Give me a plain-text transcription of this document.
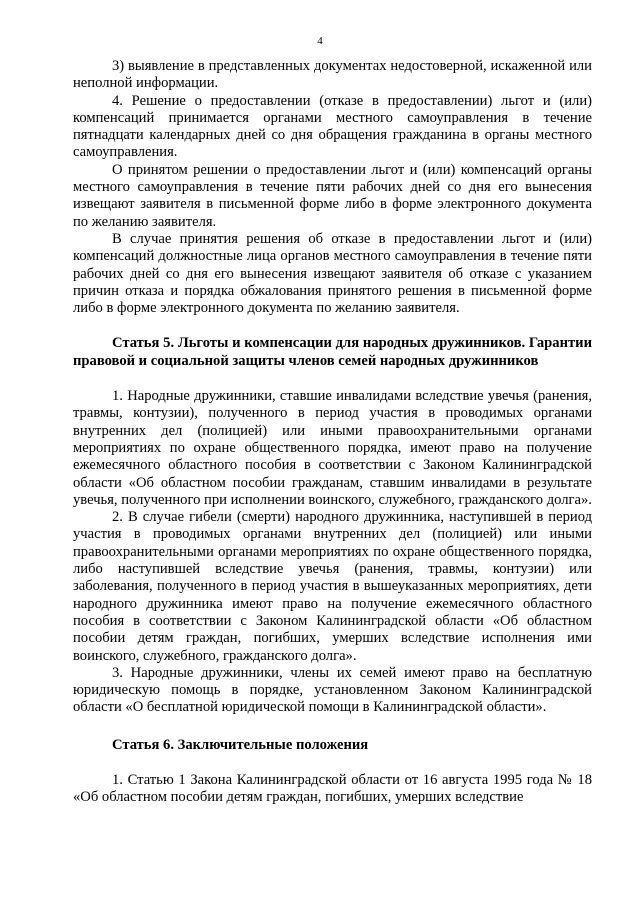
4

3) выявление в представленных документах недостоверной, искаженной или неполной информации.

4. Решение о предоставлении (отказе в предоставлении) льгот и (или) компенсаций принимается органами местного самоуправления в течение пятнадцати календарных дней со дня обращения гражданина в органы местного самоуправления.

О принятом решении о предоставлении льгот и (или) компенсаций органы местного самоуправления в течение пяти рабочих дней со дня его вынесения извещают заявителя в письменной форме либо в форме электронного документа по желанию заявителя.

В случае принятия решения об отказе в предоставлении льгот и (или) компенсаций должностные лица органов местного самоуправления в течение пяти рабочих дней со дня его вынесения извещают заявителя об отказе с указанием причин отказа и порядка обжалования принятого решения в письменной форме либо в форме электронного документа по желанию заявителя.

Статья 5. Льготы и компенсации для народных дружинников. Гарантии правовой и социальной защиты членов семей народных дружинников

1. Народные дружинники, ставшие инвалидами вследствие увечья (ранения, травмы, контузии), полученного в период участия в проводимых органами внутренних дел (полицией) или иными правоохранительными органами мероприятиях по охране общественного порядка, имеют право на получение ежемесячного областного пособия в соответствии с Законом Калининградской области «Об областном пособии гражданам, ставшим инвалидами в результате увечья, полученного при исполнении воинского, служебного, гражданского долга».

2. В случае гибели (смерти) народного дружинника, наступившей в период участия в проводимых органами внутренних дел (полицией) или иными правоохранительными органами мероприятиях по охране общественного порядка, либо наступившей вследствие увечья (ранения, травмы, контузии) или заболевания, полученного в период участия в вышеуказанных мероприятиях, дети народного дружинника имеют право на получение ежемесячного областного пособия в соответствии с Законом Калининградской области «Об областном пособии детям граждан, погибших, умерших вследствие исполнения ими воинского, служебного, гражданского долга».

3. Народные дружинники, члены их семей имеют право на бесплатную юридическую помощь в порядке, установленном Законом Калининградской области «О бесплатной юридической помощи в Калининградской области».

Статья 6. Заключительные положения

1. Статью 1 Закона Калининградской области от 16 августа 1995 года № 18 «Об областном пособии детям граждан, погибших, умерших вследствие
